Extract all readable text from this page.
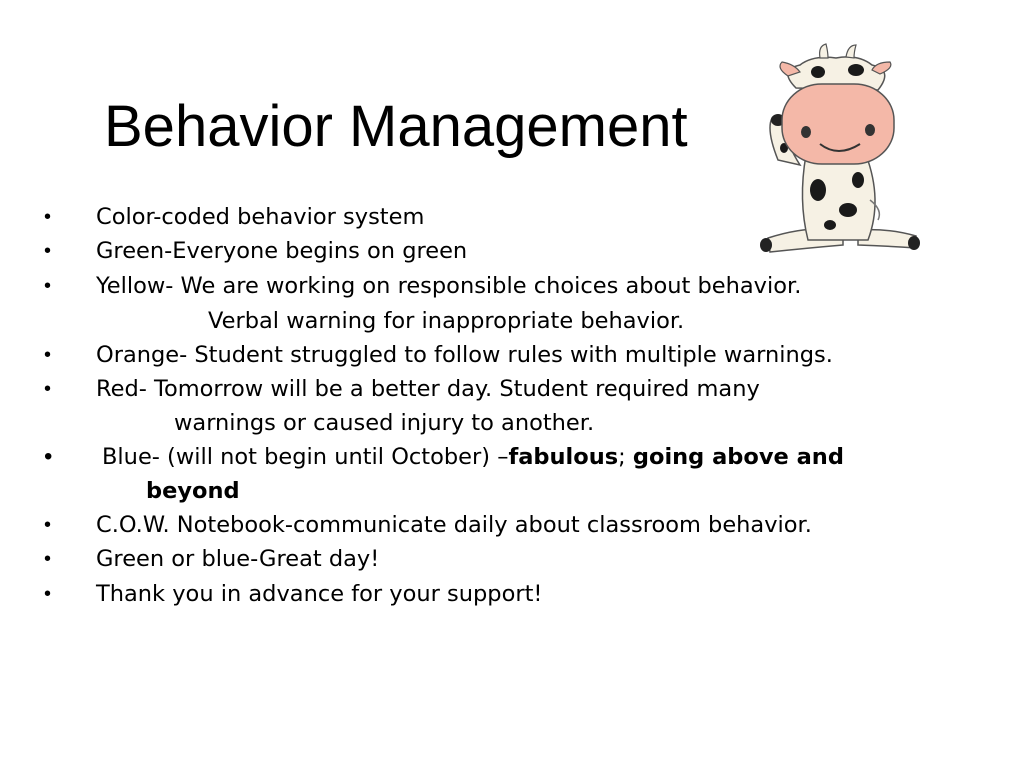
Behavior Management
• Color-coded behavior system
• Green-Everyone begins on green
• Yellow- We are working on responsible choices about behavior.
Verbal warning for inappropriate behavior.
• Orange- Student struggled to follow rules with multiple warnings.
• Red- Tomorrow will be a better day. Student required many
warnings or caused injury to another.
• Blue- (will not begin until October) –fabulous; going above and
beyond
• C.O.W. Notebook-communicate daily about classroom behavior.
• Green or blue-Great day!
• Thank you in advance for your support!
